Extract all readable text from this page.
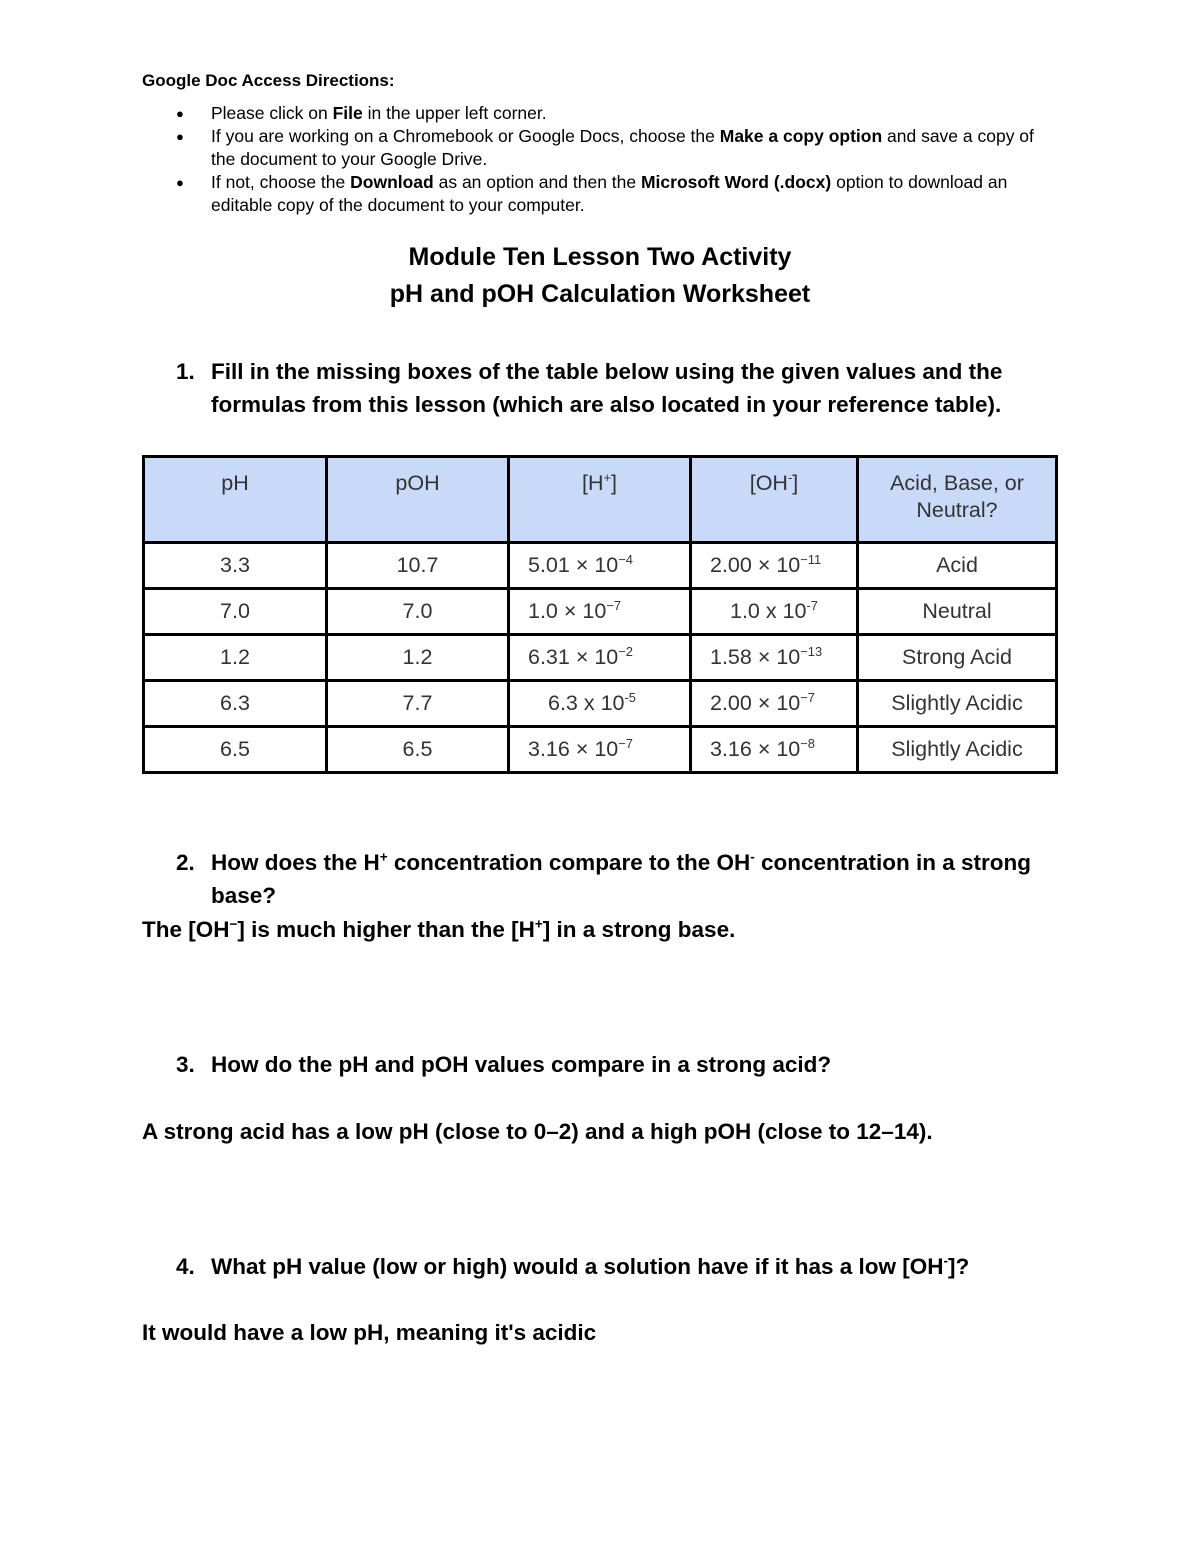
Google Doc Access Directions:
● Please click on File in the upper left corner.
● If you are working on a Chromebook or Google Docs, choose the Make a copy option and save a copy of the document to your Google Drive.
● If not, choose the Download as an option and then the Microsoft Word (.docx) option to download an editable copy of the document to your computer.
Module Ten Lesson Two Activity
pH and pOH Calculation Worksheet
1. Fill in the missing boxes of the table below using the given values and the formulas from this lesson (which are also located in your reference table).
pH	pOH	[H+]	[OH-]	Acid, Base, or Neutral?
3.3	10.7	$5.01 \times 10^{-4}$	$2.00 \times 10^{-11}$	Acid
7.0	7.0	$1.0 \times 10^{-7}$	1.0 x $10^{-7}$	Neutral
1.2	1.2	$6.31 \times 10^{-2}$	$1.58 \times 10^{-13}$	Strong Acid
6.3	7.7	6.3 x $10^{-5}$	$2.00 \times 10^{-7}$	Slightly Acidic
6.5	6.5	$3.16 \times 10^{-7}$	$3.16 \times 10^{-8}$	Slightly Acidic
2. How does the H+ concentration compare to the OH- concentration in a strong base?
The [OH−] is much higher than the [H+] in a strong base.
3. How do the pH and pOH values compare in a strong acid?
A strong acid has a low pH (close to 0–2) and a high pOH (close to 12–14).
4. What pH value (low or high) would a solution have if it has a low [OH-]?
It would have a low pH, meaning it's acidic
